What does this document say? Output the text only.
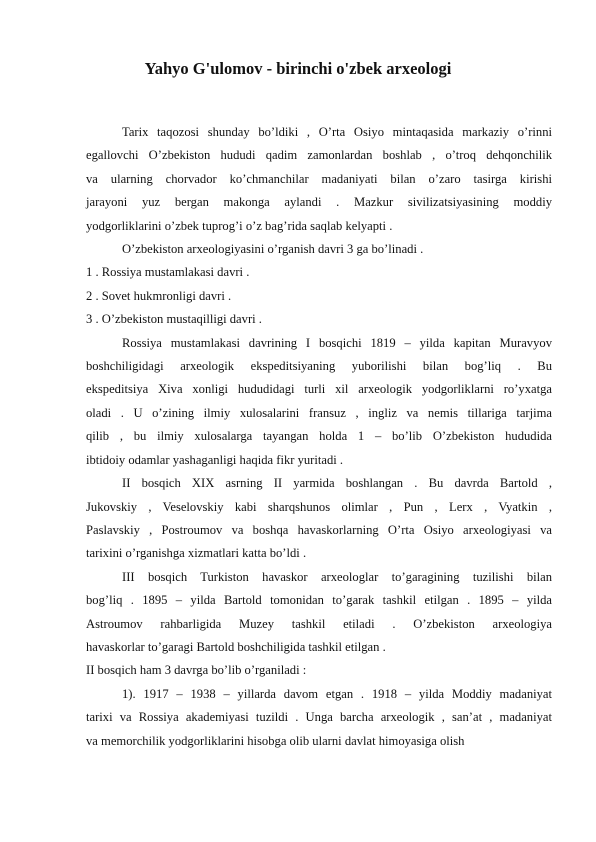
Yahyo G'ulomov - birinchi o'zbek arxeologi
Tarix taqozosi shunday bo’ldiki , O’rta Osiyo mintaqasida markaziy o’rinni
egallovchi O’zbekiston hududi qadim zamonlardan boshlab , o’troq dehqonchilik
va ularning chorvador ko’chmanchilar madaniyati bilan o’zaro tasirga kirishi
jarayoni yuz bergan makonga aylandi . Mazkur sivilizatsiyasining moddiy
yodgorliklarini o’zbek tuprog’i o’z bag’rida saqlab kelyapti .
O’zbekiston arxeologiyasini o’rganish davri 3 ga bo’linadi .
1 . Rossiya mustamlakasi davri .
2 . Sovet hukmronligi davri .
3 . O’zbekiston mustaqilligi davri .
Rossiya mustamlakasi davrining I bosqichi 1819 – yilda kapitan Muravyov
boshchiligidagi arxeologik ekspeditsiyaning yuborilishi bilan bog’liq . Bu
ekspeditsiya Xiva xonligi hududidagi turli xil arxeologik yodgorliklarni ro’yxatga
oladi . U o’zining ilmiy xulosalarini fransuz , ingliz va nemis tillariga tarjima
qilib , bu ilmiy xulosalarga tayangan holda 1 – bo’lib O’zbekiston hududida
ibtidoiy odamlar yashaganligi haqida fikr yuritadi .
II bosqich XIX asrning II yarmida boshlangan . Bu davrda Bartold ,
Jukovskiy , Veselovskiy kabi sharqshunos olimlar , Pun , Lerx , Vyatkin ,
Paslavskiy , Postroumov va boshqa havaskorlarning O’rta Osiyo arxeologiyasi va
tarixini o’rganishga xizmatlari katta bo’ldi .
III bosqich Turkiston havaskor arxeologlar to’garagining tuzilishi bilan
bog’liq . 1895 – yilda Bartold tomonidan to’garak tashkil etilgan . 1895 – yilda
Astroumov rahbarligida Muzey tashkil etiladi . O’zbekiston arxeologiya
havaskorlar to’garagi Bartold boshchiligida tashkil etilgan .
II bosqich ham 3 davrga bo’lib o’rganiladi :
1). 1917 – 1938 – yillarda davom etgan . 1918 – yilda Moddiy madaniyat
tarixi va Rossiya akademiyasi tuzildi . Unga barcha arxeologik , san’at , madaniyat
va memorchilik yodgorliklarini hisobga olib ularni davlat himoyasiga olish
